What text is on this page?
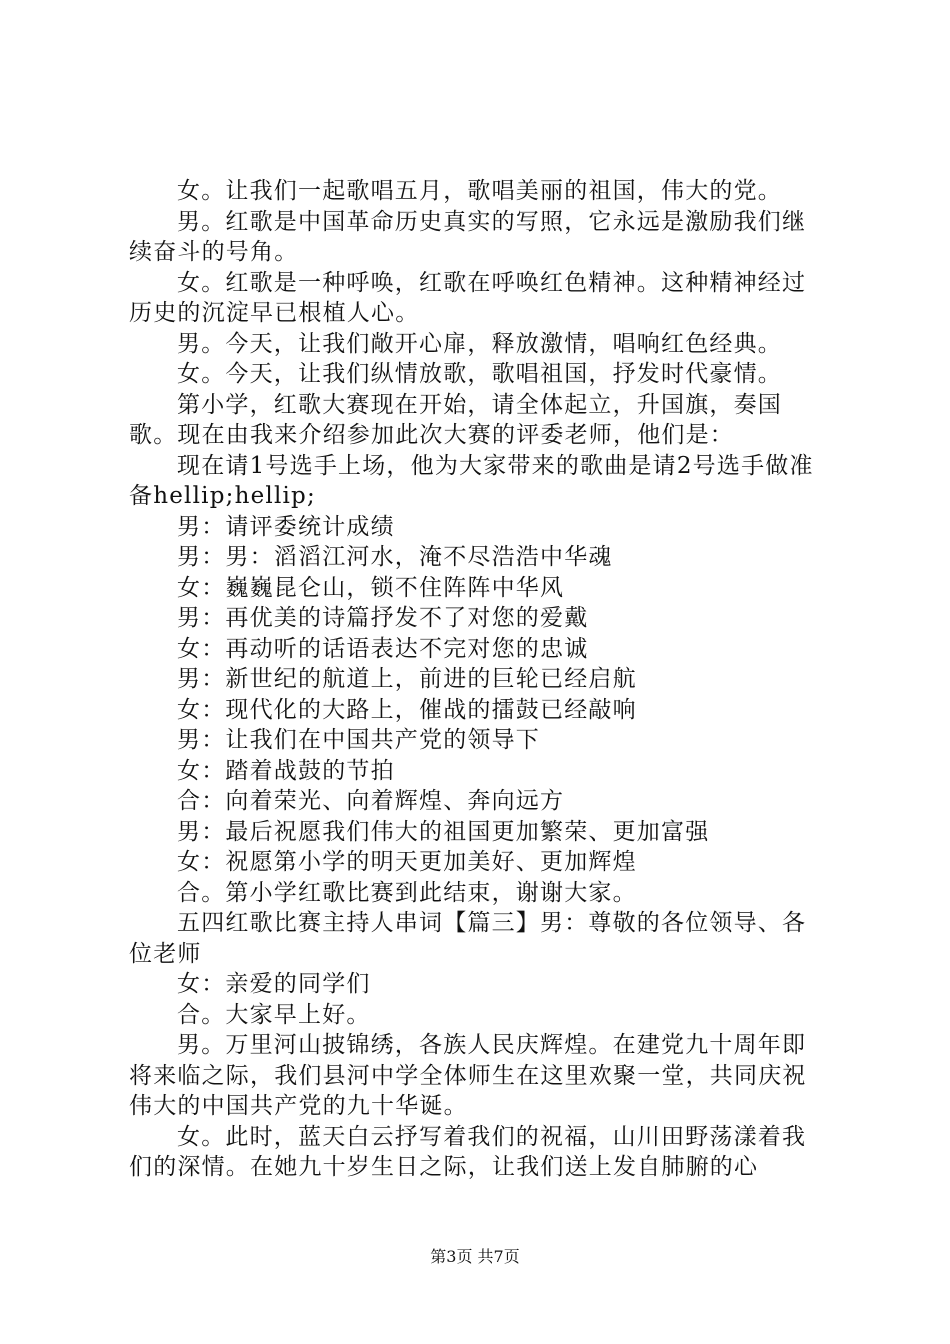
女。让我们一起歌唱五月，歌唱美丽的祖国，伟大的党。

男。红歌是中国革命历史真实的写照，它永远是激励我们继续奋斗的号角。

女。红歌是一种呼唤，红歌在呼唤红色精神。这种精神经过历史的沉淀早已根植人心。

男。今天，让我们敞开心扉，释放激情，唱响红色经典。

女。今天，让我们纵情放歌，歌唱祖国，抒发时代豪情。

第小学，红歌大赛现在开始，请全体起立，升国旗，奏国歌。现在由我来介绍参加此次大赛的评委老师，他们是：

现在请1号选手上场，他为大家带来的歌曲是请2号选手做准备hellip;hellip;

男：请评委统计成绩

男：男：滔滔江河水，淹不尽浩浩中华魂

女：巍巍昆仑山，锁不住阵阵中华风

男：再优美的诗篇抒发不了对您的爱戴

女：再动听的话语表达不完对您的忠诚

男：新世纪的航道上，前进的巨轮已经启航

女：现代化的大路上，催战的擂鼓已经敲响

男：让我们在中国共产党的领导下

女：踏着战鼓的节拍

合：向着荣光、向着辉煌、奔向远方

男：最后祝愿我们伟大的祖国更加繁荣、更加富强

女：祝愿第小学的明天更加美好、更加辉煌

合。第小学红歌比赛到此结束，谢谢大家。

五四红歌比赛主持人串词【篇三】男：尊敬的各位领导、各位老师

女：亲爱的同学们

合。大家早上好。

男。万里河山披锦绣，各族人民庆辉煌。在建党九十周年即将来临之际，我们县河中学全体师生在这里欢聚一堂，共同庆祝伟大的中国共产党的九十华诞。

女。此时，蓝天白云抒写着我们的祝福，山川田野荡漾着我们的深情。在她九十岁生日之际，让我们送上发自肺腑的心

第3页 共7页
